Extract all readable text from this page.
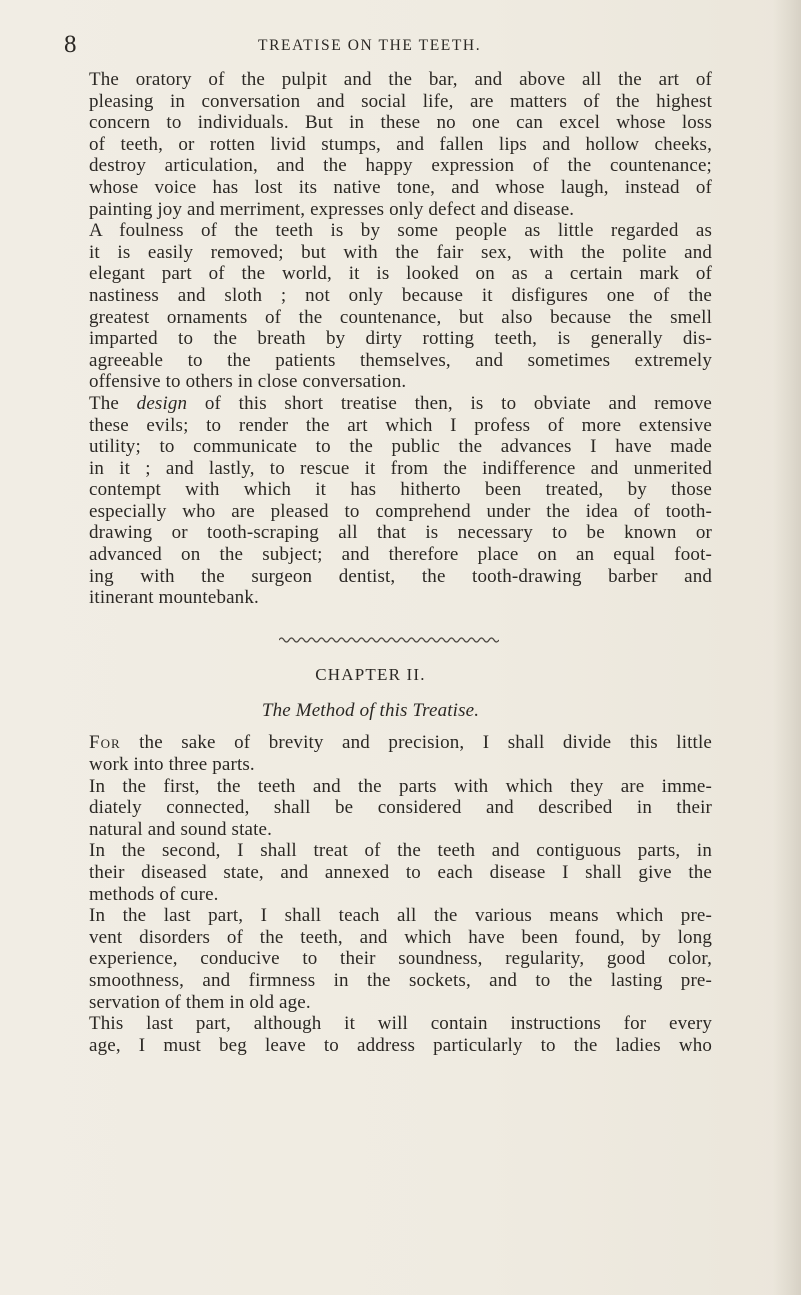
8	TREATISE ON THE TEETH.
The oratory of the pulpit and the bar, and above all the art of
pleasing in conversation and social life, are matters of the highest
concern to individuals. But in these no one can excel whose loss
of teeth, or rotten livid stumps, and fallen lips and hollow cheeks,
destroy articulation, and the happy expression of the countenance;
whose voice has lost its native tone, and whose laugh, instead of
painting joy and merriment, expresses only defect and disease.
A foulness of the teeth is by some people as little regarded as
it is easily removed; but with the fair sex, with the polite and
elegant part of the world, it is looked on as a certain mark of
nastiness and sloth ; not only because it disfigures one of the
greatest ornaments of the countenance, but also because the smell
imparted to the breath by dirty rotting teeth, is generally dis-
agreeable to the patients themselves, and sometimes extremely
offensive to others in close conversation.
The design of this short treatise then, is to obviate and remove
these evils; to render the art which I profess of more extensive
utility; to communicate to the public the advances I have made
in it ; and lastly, to rescue it from the indifference and unmerited
contempt with which it has hitherto been treated, by those
especially who are pleased to comprehend under the idea of tooth-
drawing or tooth-scraping all that is necessary to be known or
advanced on the subject; and therefore place on an equal foot-
ing with the surgeon dentist, the tooth-drawing barber and
itinerant mountebank.
CHAPTER II.
The Method of this Treatise.
For the sake of brevity and precision, I shall divide this little
work into three parts.
In the first, the teeth and the parts with which they are imme-
diately connected, shall be considered and described in their
natural and sound state.
In the second, I shall treat of the teeth and contiguous parts, in
their diseased state, and annexed to each disease I shall give the
methods of cure.
In the last part, I shall teach all the various means which pre-
vent disorders of the teeth, and which have been found, by long
experience, conducive to their soundness, regularity, good color,
smoothness, and firmness in the sockets, and to the lasting pre-
servation of them in old age.
This last part, although it will contain instructions for every
age, I must beg leave to address particularly to the ladies who
